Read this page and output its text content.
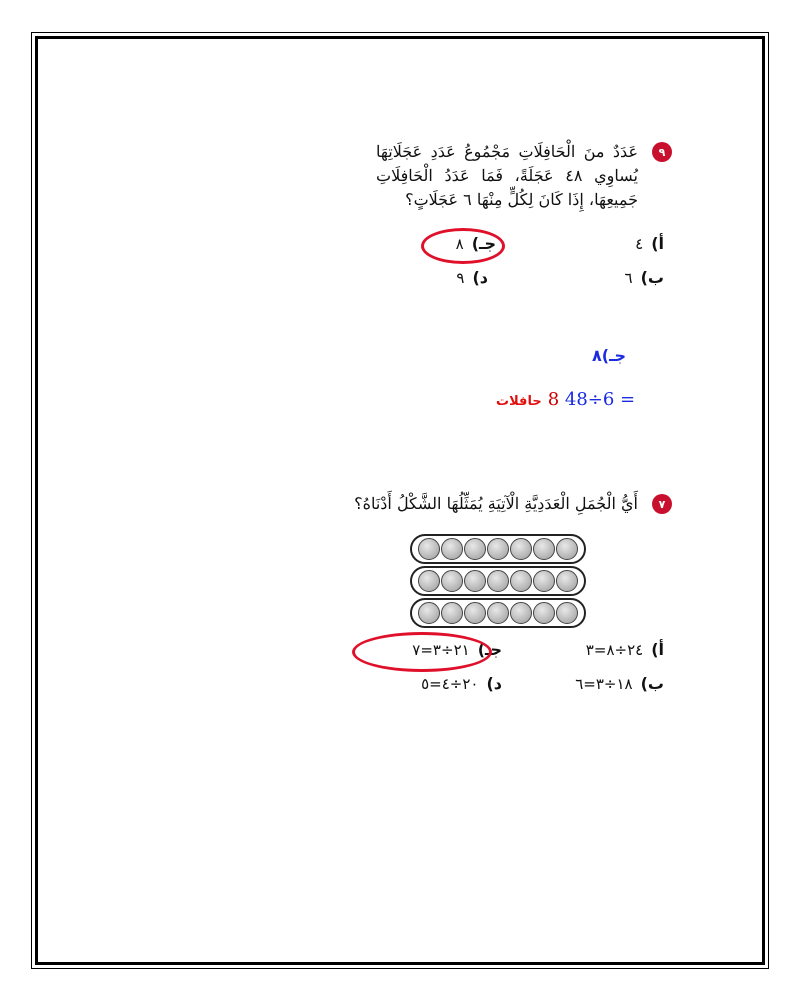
٩
عَدَدٌ منَ الْحَافِلَاتِ مَجْمُوعُ عَدَدِ عَجَلَاتِهَا يُساوِي ٤٨ عَجَلَةً، فَمَا عَدَدُ الْحَافِلَاتِ جَمِيعِهَا، إِذَا كَانَ لِكُلٍّ مِنْهَا ٦ عَجَلَاتٍ؟
أ)
٤
ب)
٦
جـ)
٨
د)
٩
جـ)٨
حافلات 8 48÷6 =
٧
أَيُّ الْجُمَلِ الْعَدَدِيَّةِ الْآتِيَةِ يُمَثِّلُهَا الشَّكْلُ أَدْنَاهُ؟
أ)
٢٤÷٨=٣
ب)
١٨÷٣=٦
جـ)
٢١÷٣=٧
د)
٢٠÷٤=٥
